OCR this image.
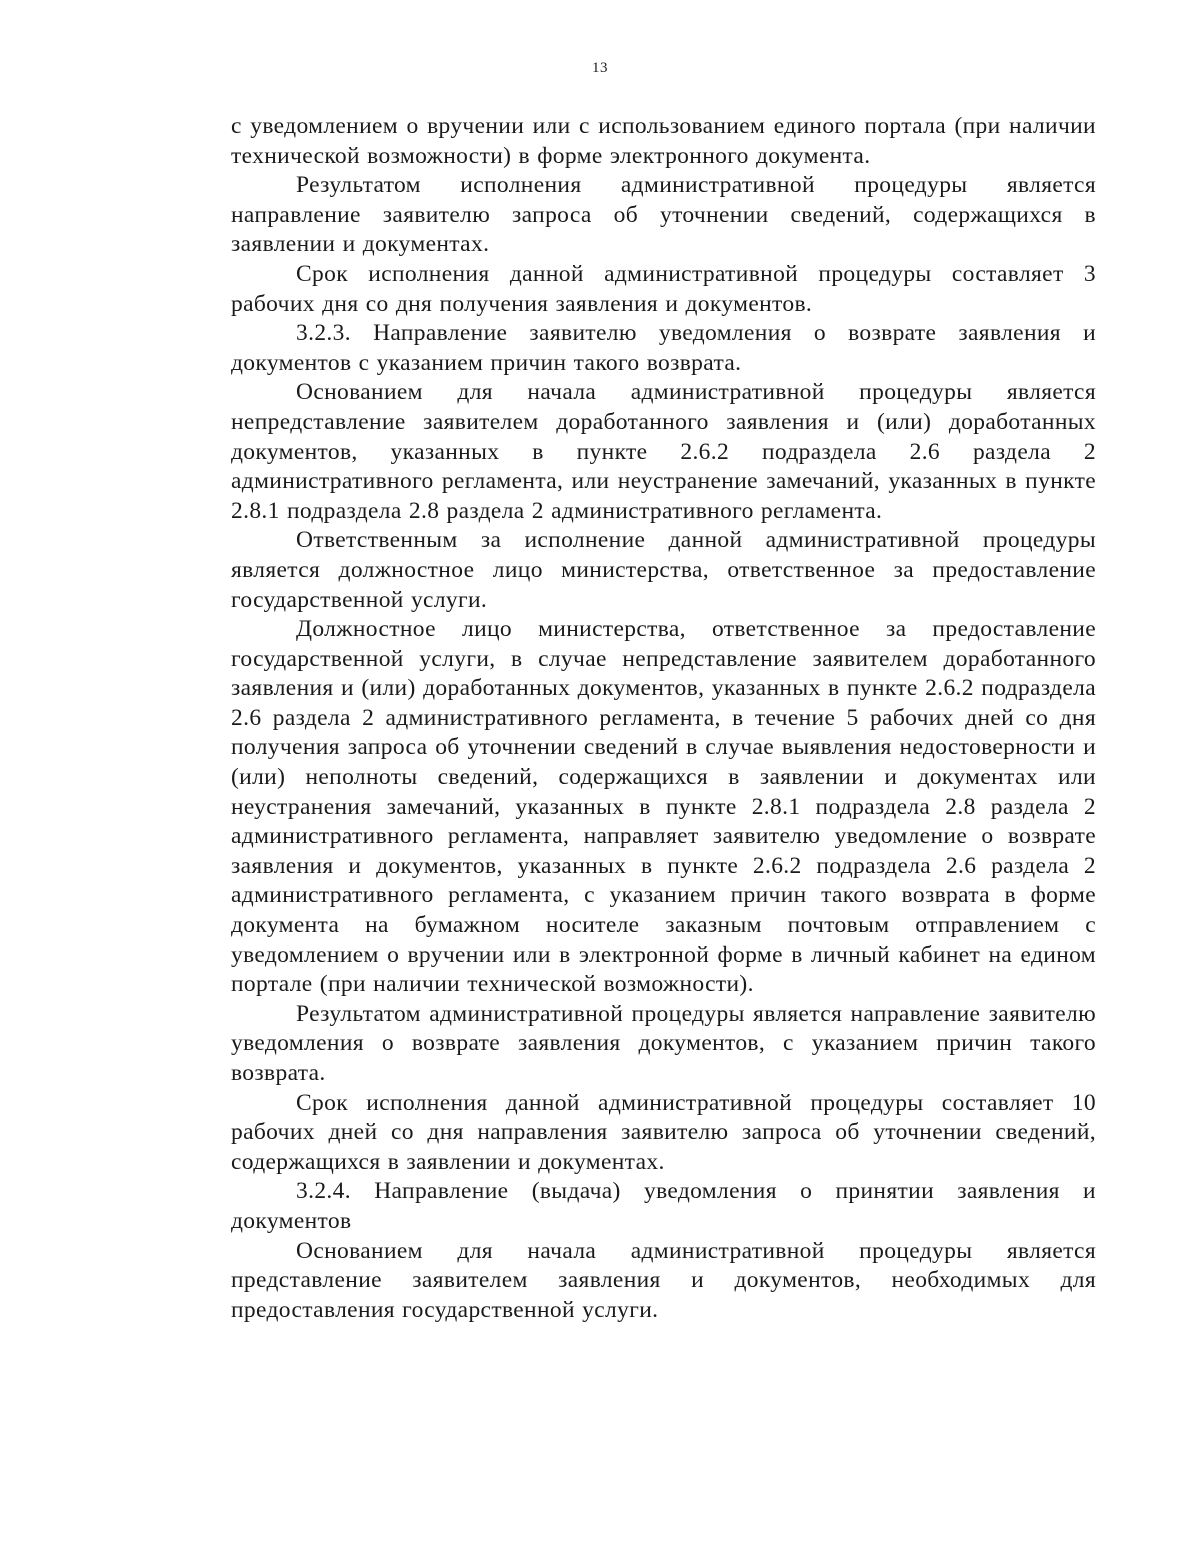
13

с уведомлением о вручении или с использованием единого портала (при наличии технической возможности) в форме электронного документа.

Результатом исполнения административной процедуры является направление заявителю запроса об уточнении сведений, содержащихся в заявлении и документах.

Срок исполнения данной административной процедуры составляет 3 рабочих дня со дня получения заявления и документов.

3.2.3. Направление заявителю уведомления о возврате заявления и документов с указанием причин такого возврата.

Основанием для начала административной процедуры является непредставление заявителем доработанного заявления и (или) доработанных документов, указанных в пункте 2.6.2 подраздела 2.6 раздела 2 административного регламента, или неустранение замечаний, указанных в пункте 2.8.1 подраздела 2.8 раздела 2 административного регламента.

Ответственным за исполнение данной административной процедуры является должностное лицо министерства, ответственное за предоставление государственной услуги.

Должностное лицо министерства, ответственное за предоставление государственной услуги, в случае непредставление заявителем доработанного заявления и (или) доработанных документов, указанных в пункте 2.6.2 подраздела 2.6 раздела 2 административного регламента, в течение 5 рабочих дней со дня получения запроса об уточнении сведений в случае выявления недостоверности и (или) неполноты сведений, содержащихся в заявлении и документах или неустранения замечаний, указанных в пункте 2.8.1 подраздела 2.8 раздела 2 административного регламента, направляет заявителю уведомление о возврате заявления и документов, указанных в пункте 2.6.2 подраздела 2.6 раздела 2 административного регламента, с указанием причин такого возврата в форме документа на бумажном носителе заказным почтовым отправлением с уведомлением о вручении или в электронной форме в личный кабинет на едином портале (при наличии технической возможности).

Результатом административной процедуры является направление заявителю уведомления о возврате заявления документов, с указанием причин такого возврата.

Срок исполнения данной административной процедуры составляет 10 рабочих дней со дня направления заявителю запроса об уточнении сведений, содержащихся в заявлении и документах.

3.2.4. Направление (выдача) уведомления о принятии заявления и документов

Основанием для начала административной процедуры является представление заявителем заявления и документов, необходимых для предоставления государственной услуги.
